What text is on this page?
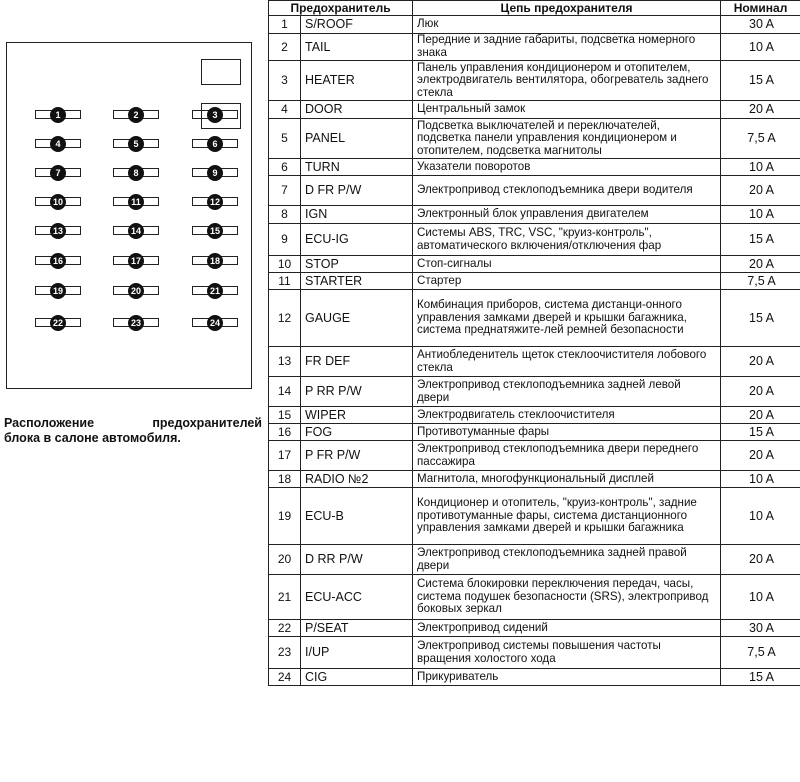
1	2	3
4	5	6
7	8	9
10	11	12
13	14	15
16	17	18
19	20	21
22	23	24
Расположение предохранителей
блока в салоне автомобиля.
Предохранитель		Цепь предохранителя	Номинал
1	S/ROOF	Люк	30 A
2	TAIL	Передние и задние габариты, подсветка номерного знака	10 A
3	HEATER	Панель управления кондиционером и отопителем, электродвигатель вентилятора, обогреватель заднего стекла	15 A
4	DOOR	Центральный замок	20 A
5	PANEL	Подсветка выключателей и переключателей, подсветка панели управления кондиционером и отопителем, подсветка магнитолы	7,5 A
6	TURN	Указатели поворотов	10 A
7	D FR P/W	Электропривод стеклоподъемника двери водителя	20 A
8	IGN	Электронный блок управления двигателем	10 A
9	ECU-IG	Системы ABS, TRC, VSC, "круиз-контроль", автоматического включения/отключения фар	15 A
10	STOP	Стоп-сигналы	20 A
11	STARTER	Стартер	7,5 A
12	GAUGE	Комбинация приборов, система дистанци-онного управления замками дверей и крышки багажника, система преднатяжите-лей ремней безопасности	15 A
13	FR DEF	Антиобледенитель щеток стеклоочистителя лобового стекла	20 A
14	P RR P/W	Электропривод стеклоподъемника задней левой двери	20 A
15	WIPER	Электродвигатель стеклоочистителя	20 A
16	FOG	Противотуманные фары	15 A
17	P FR P/W	Электропривод стеклоподъемника двери переднего пассажира	20 A
18	RADIO №2	Магнитола, многофункциональный дисплей	10 A
19	ECU-B	Кондиционер и отопитель, "круиз-контроль", задние противотуманные фары, система дистанционного управления замками дверей и крышки багажника	10 A
20	D RR P/W	Электропривод стеклоподъемника задней правой двери	20 A
21	ECU-ACC	Система блокировки переключения передач, часы, система подушек безопасности (SRS), электропривод боковых зеркал	10 A
22	P/SEAT	Электропривод сидений	30 A
23	I/UP	Электропривод системы повышения частоты вращения холостого хода	7,5 A
24	CIG	Прикуриватель	15 A
